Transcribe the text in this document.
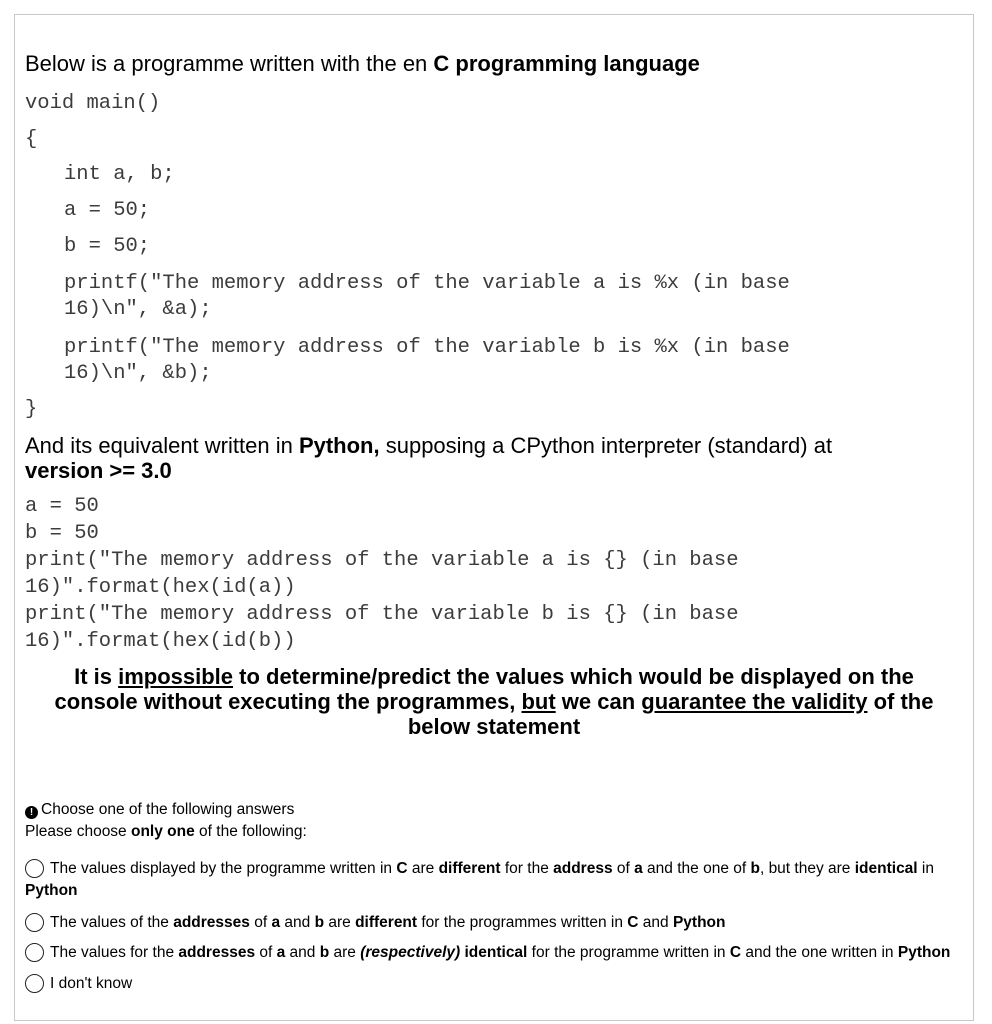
Below is a programme written with the en C programming language
void main()
{
int a, b;
a = 50;
b = 50;
printf("The memory address of the variable a is %x (in base
16)\n", &a);
printf("The memory address of the variable b is %x (in base
16)\n", &b);
}
And its equivalent written in Python, supposing a CPython interpreter (standard) at
version >= 3.0
a = 50
b = 50
print("The memory address of the variable a is {} (in base
16)".format(hex(id(a))
print("The memory address of the variable b is {} (in base
16)".format(hex(id(b))
It is impossible to determine/predict the values which would be displayed on the
console without executing the programmes, but we can guarantee the validity of the
below statement
! Choose one of the following answers
Please choose only one of the following:
The values displayed by the programme written in C are different for the address of a and the one of b, but they are identical in
Python
The values of the addresses of a and b are different for the programmes written in C and Python
The values for the addresses of a and b are (respectively) identical for the programme written in C and the one written in Python
I don't know
